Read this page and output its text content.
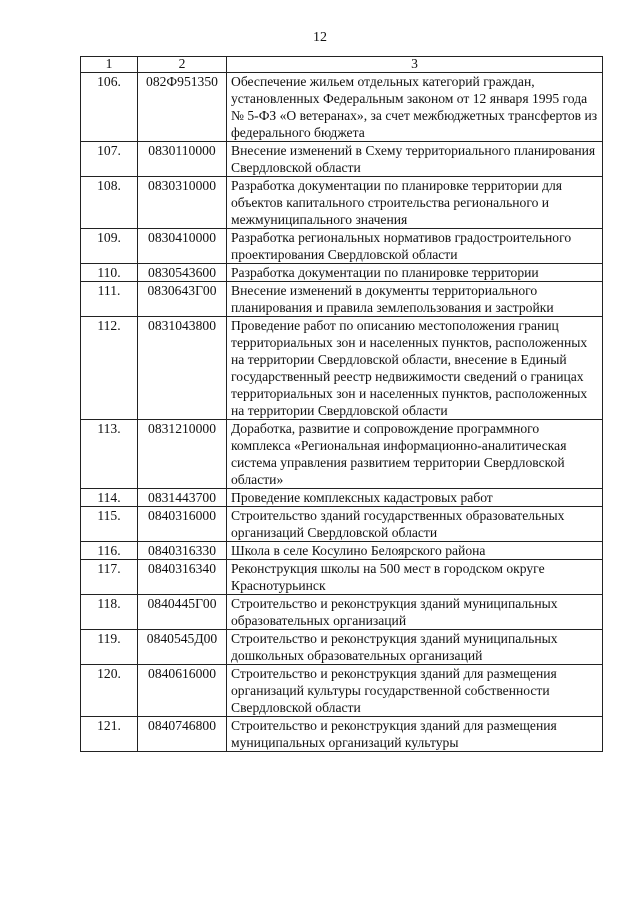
12
1	2	3
106.	082Ф951350	Обеспечение жильем отдельных категорий граждан, установленных Федеральным законом от 12 января 1995 года № 5-ФЗ «О ветеранах», за счет межбюджетных трансфертов из федерального бюджета
107.	0830110000	Внесение изменений в Схему территориального планирования Свердловской области
108.	0830310000	Разработка документации по планировке территории для объектов капитального строительства регионального и межмуниципального значения
109.	0830410000	Разработка региональных нормативов градостроительного проектирования Свердловской области
110.	0830543600	Разработка документации по планировке территории
111.	0830643Г00	Внесение изменений в документы территориального планирования и правила землепользования и застройки
112.	0831043800	Проведение работ по описанию местоположения границ территориальных зон и населенных пунктов, расположенных на территории Свердловской области, внесение в Единый государственный реестр недвижимости сведений о границах территориальных зон и населенных пунктов, расположенных на территории Свердловской области
113.	0831210000	Доработка, развитие и сопровождение программного комплекса «Региональная информационно-аналитическая система управления развитием территории Свердловской области»
114.	0831443700	Проведение комплексных кадастровых работ
115.	0840316000	Строительство зданий государственных образовательных организаций Свердловской области
116.	0840316330	Школа в селе Косулино Белоярского района
117.	0840316340	Реконструкция школы на 500 мест в городском округе Краснотурьинск
118.	0840445Г00	Строительство и реконструкция зданий муниципальных образовательных организаций
119.	0840545Д00	Строительство и реконструкция зданий муниципальных дошкольных образовательных организаций
120.	0840616000	Строительство и реконструкция зданий для размещения организаций культуры государственной собственности Свердловской области
121.	0840746800	Строительство и реконструкция зданий для размещения муниципальных организаций культуры
